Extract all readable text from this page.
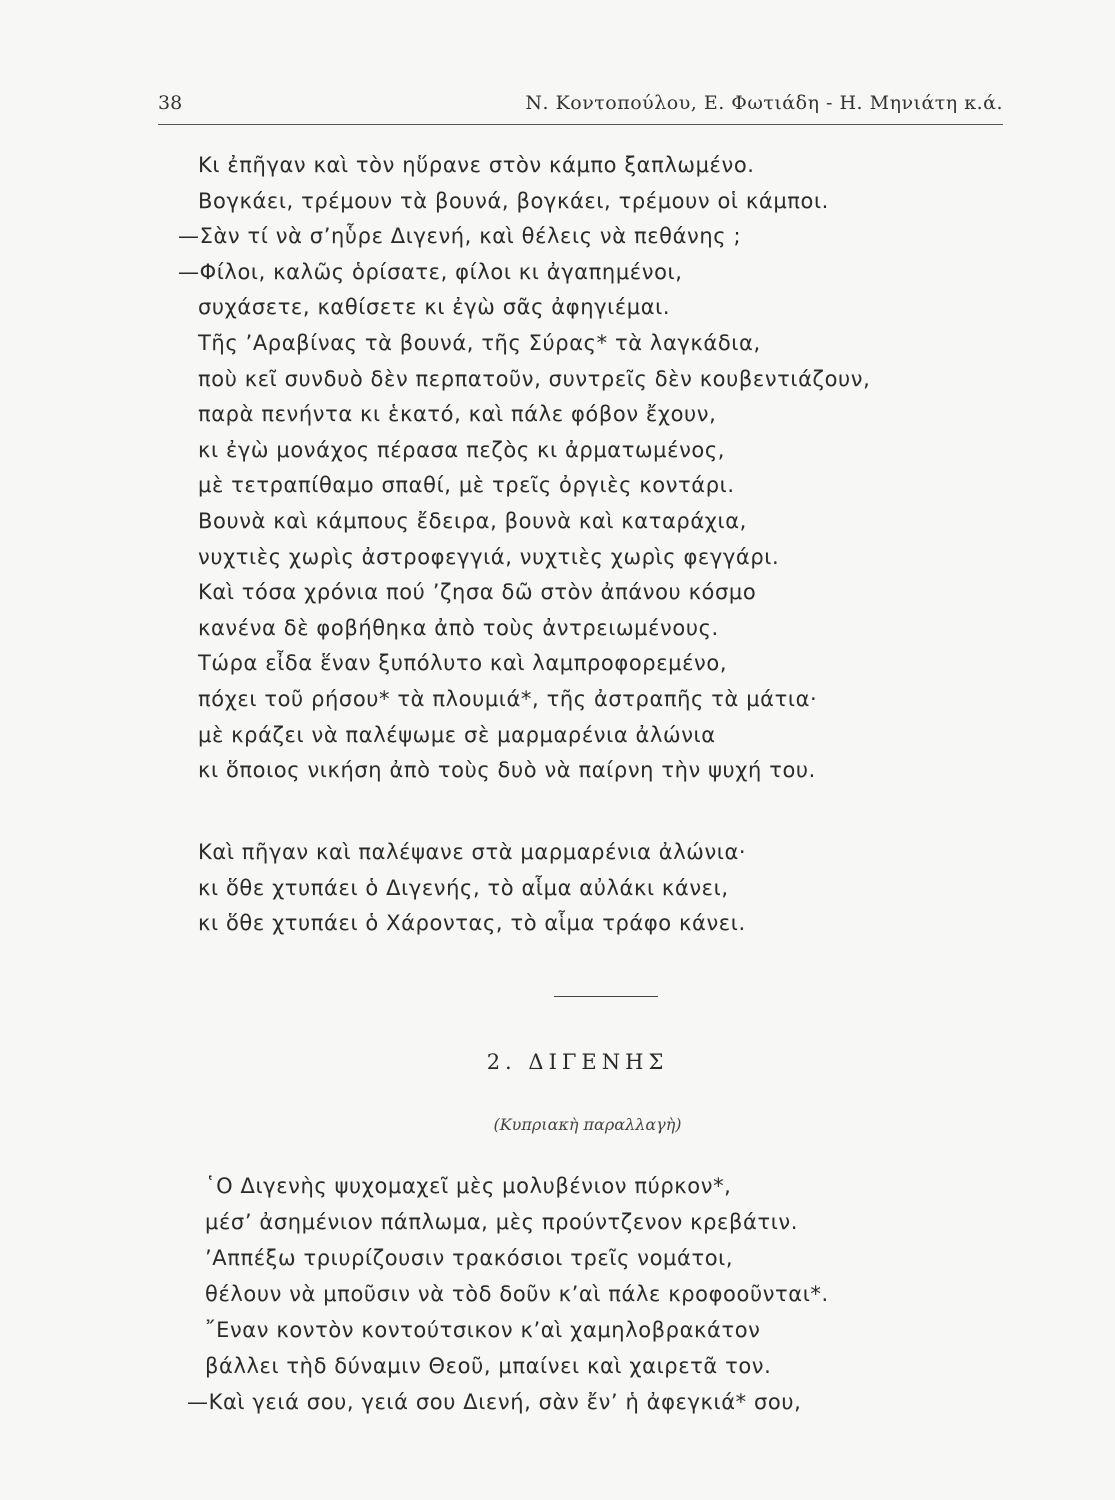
38	Ν. Κοντοπούλου, Ε. Φωτιάδη - Η. Μηνιάτη κ.ά.
Κι ἐπῆγαν καὶ τὸν ηὕρανε στὸν κάμπο ξαπλωμένο.
Βογκάει, τρέμουν τὰ βουνά, βογκάει, τρέμουν οἱ κάμποι.
—Σὰν τί νὰ σ’ηὗρε Διγενή, καὶ θέλεις νὰ πεθάνης ;
—Φίλοι, καλῶς ὁρίσατε, φίλοι κι ἀγαπημένοι,
συχάσετε, καθίσετε κι ἐγὼ σᾶς ἀφηγιέμαι.
Τῆς ’Αραβίνας τὰ βουνά, τῆς Σύρας* τὰ λαγκάδια,
ποὺ κεῖ συνδυὸ δὲν περπατοῦν, συντρεῖς δὲν κουβεντιάζουν,
παρὰ πενήντα κι ἑκατό, καὶ πάλε φόβον ἔχουν,
κι ἐγὼ μονάχος πέρασα πεζὸς κι ἀρματωμένος,
μὲ τετραπίθαμο σπαθί, μὲ τρεῖς ὀργιὲς κοντάρι.
Βουνὰ καὶ κάμπους ἔδειρα, βουνὰ καὶ καταράχια,
νυχτιὲς χωρὶς ἀστροφεγγιά, νυχτιὲς χωρὶς φεγγάρι.
Καὶ τόσα χρόνια πού ’ζησα δῶ στὸν ἀπάνου κόσμο
κανένα δὲ φοβήθηκα ἀπὸ τοὺς ἀντρειωμένους.
Τώρα εἶδα ἕναν ξυπόλυτο καὶ λαμπροφορεμένο,
πόχει τοῦ ρήσου* τὰ πλουμιά*, τῆς ἀστραπῆς τὰ μάτια·
μὲ κράζει νὰ παλέψωμε σὲ μαρμαρένια ἀλώνια
κι ὅποιος νικήση ἀπὸ τοὺς δυὸ νὰ παίρνη τὴν ψυχή του.
Καὶ πῆγαν καὶ παλέψανε στὰ μαρμαρένια ἀλώνια·
κι ὅθε χτυπάει ὁ Διγενής, τὸ αἷμα αὐλάκι κάνει,
κι ὅθε χτυπάει ὁ Χάροντας, τὸ αἷμα τράφο κάνει.
2. ΔΙΓΕΝΗΣ
(Κυπριακὴ παραλλαγὴ)
῾Ο Διγενὴς ψυχομαχεῖ μὲς μολυβένιον πύρκον*,
μέσ’ ἀσημένιον πάπλωμα, μὲς προύντζενον κρεβάτιν.
’Αππέξω τριυρίζουσιν τρακόσιοι τρεῖς νομάτοι,
θέλουν νὰ μποῦσιν νὰ τὸδ δοῦν κ’αὶ πάλε κροφοοῦνται*.
῎Εναν κοντὸν κοντούτσικον κ’αὶ χαμηλοβρακάτον
βάλλει τὴδ δύναμιν Θεοῦ, μπαίνει καὶ χαιρετᾶ τον.
—Καὶ γειά σου, γειά σου Διενή, σὰν ἔν’ ἡ ἀφεγκιά* σου,
